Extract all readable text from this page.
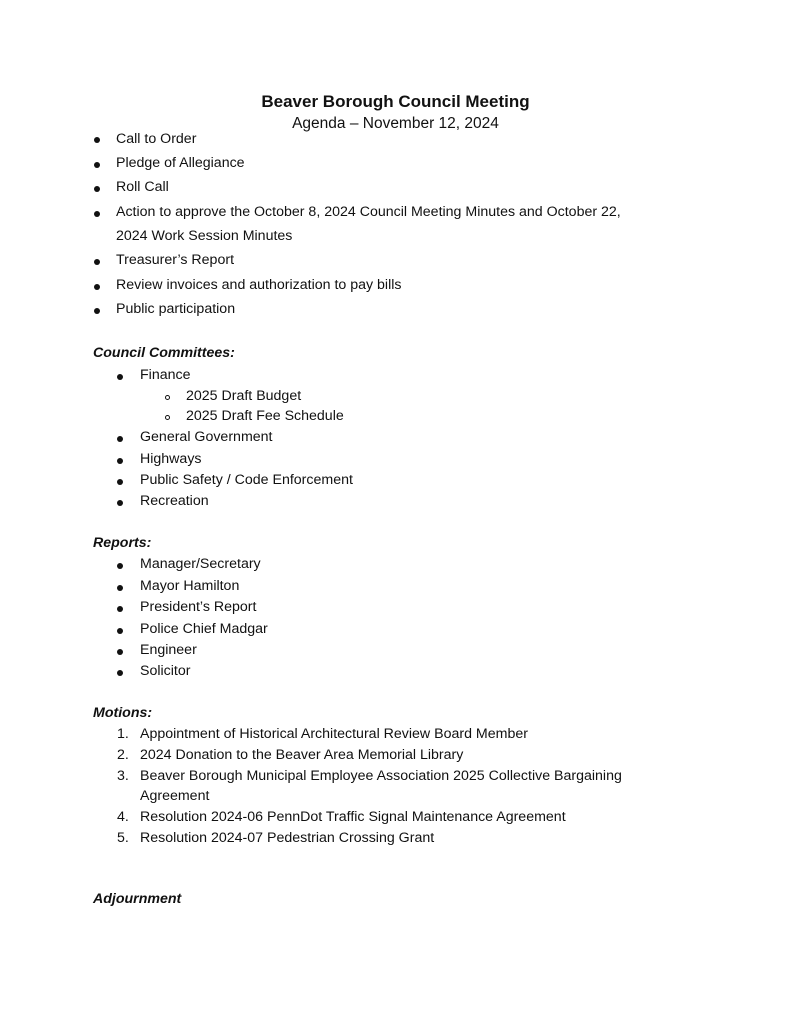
Beaver Borough Council Meeting
Agenda – November 12, 2024
Call to Order
Pledge of Allegiance
Roll Call
Action to approve the October 8, 2024 Council Meeting Minutes and October 22,
2024 Work Session Minutes
Treasurer’s Report
Review invoices and authorization to pay bills
Public participation
Council Committees:
Finance
2025 Draft Budget
2025 Draft Fee Schedule
General Government
Highways
Public Safety / Code Enforcement
Recreation
Reports:
Manager/Secretary
Mayor Hamilton
President’s Report
Police Chief Madgar
Engineer
Solicitor
Motions:
1. Appointment of Historical Architectural Review Board Member
2. 2024 Donation to the Beaver Area Memorial Library
3. Beaver Borough Municipal Employee Association 2025 Collective Bargaining
Agreement
4. Resolution 2024-06 PennDot Traffic Signal Maintenance Agreement
5. Resolution 2024-07 Pedestrian Crossing Grant
Adjournment
